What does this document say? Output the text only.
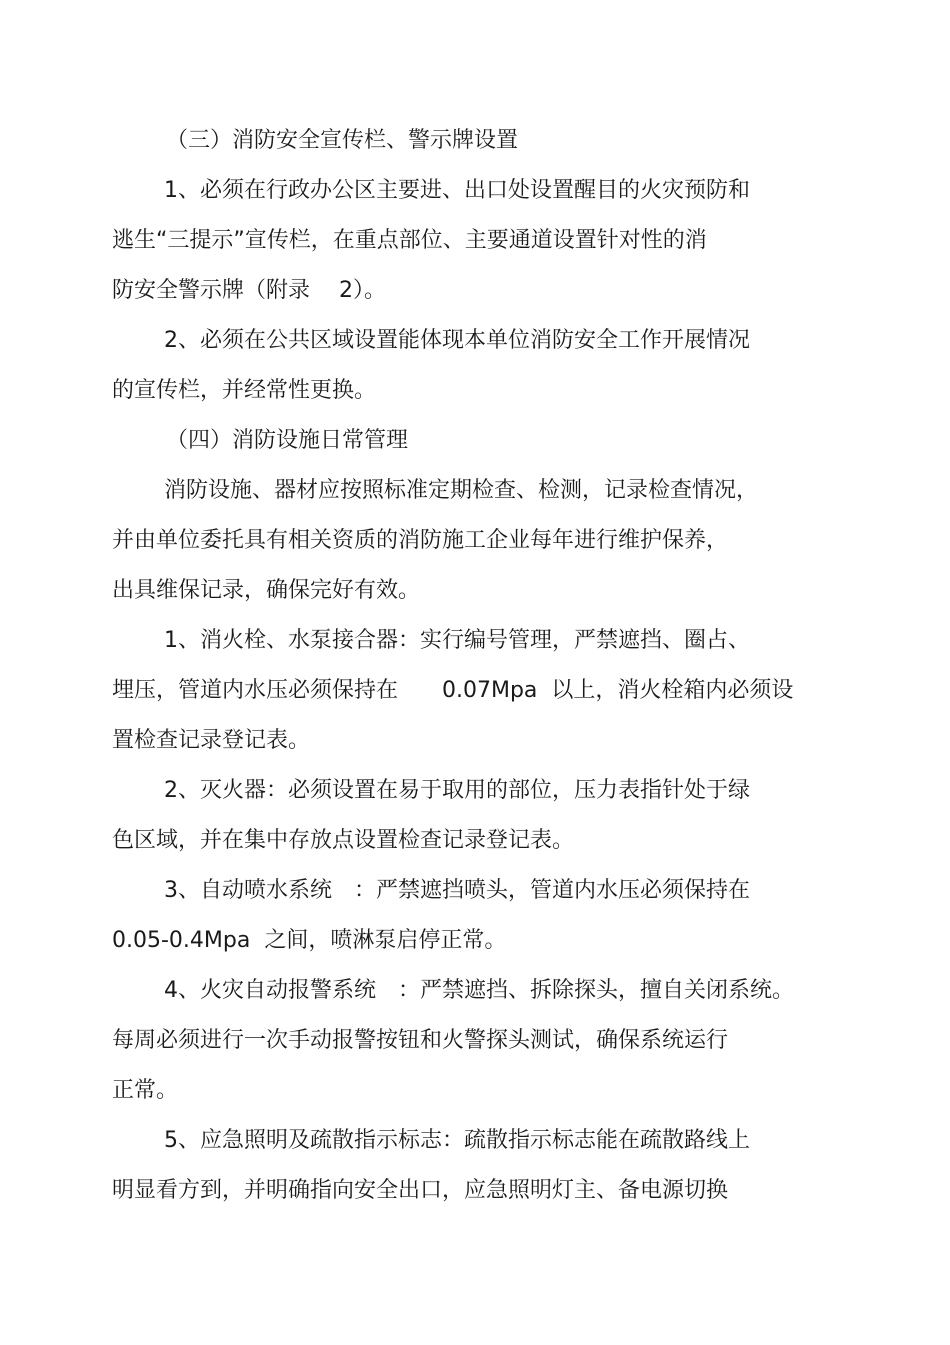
（三）消防安全宣传栏、警示牌设置
1、必须在行政办公区主要进、出口处设置醒目的火灾预防和
逃生“三提示”宣传栏，在重点部位、主要通道设置针对性的消
防安全警示牌（附录　 2）。
2、必须在公共区域设置能体现本单位消防安全工作开展情况
的宣传栏，并经常性更换。
（四）消防设施日常管理
消防设施、器材应按照标准定期检查、检测，记录检查情况，
并由单位委托具有相关资质的消防施工企业每年进行维护保养，
出具维保记录，确保完好有效。
1、消火栓、水泵接合器：实行编号管理，严禁遮挡、圈占、
埋压，管道内水压必须保持在　　0.07Mpa  以上，消火栓箱内必须设
置检查记录登记表。
2、灭火器：必须设置在易于取用的部位，压力表指针处于绿
色区域，并在集中存放点设置检查记录登记表。
3、自动喷水系统　：严禁遮挡喷头，管道内水压必须保持在
0.05-0.4Mpa  之间，喷淋泵启停正常。
4、火灾自动报警系统　：严禁遮挡、拆除探头，擅自关闭系统。
每周必须进行一次手动报警按钮和火警探头测试，确保系统运行
正常。
5、应急照明及疏散指示标志：疏散指示标志能在疏散路线上
明显看方到，并明确指向安全出口，应急照明灯主、备电源切换
